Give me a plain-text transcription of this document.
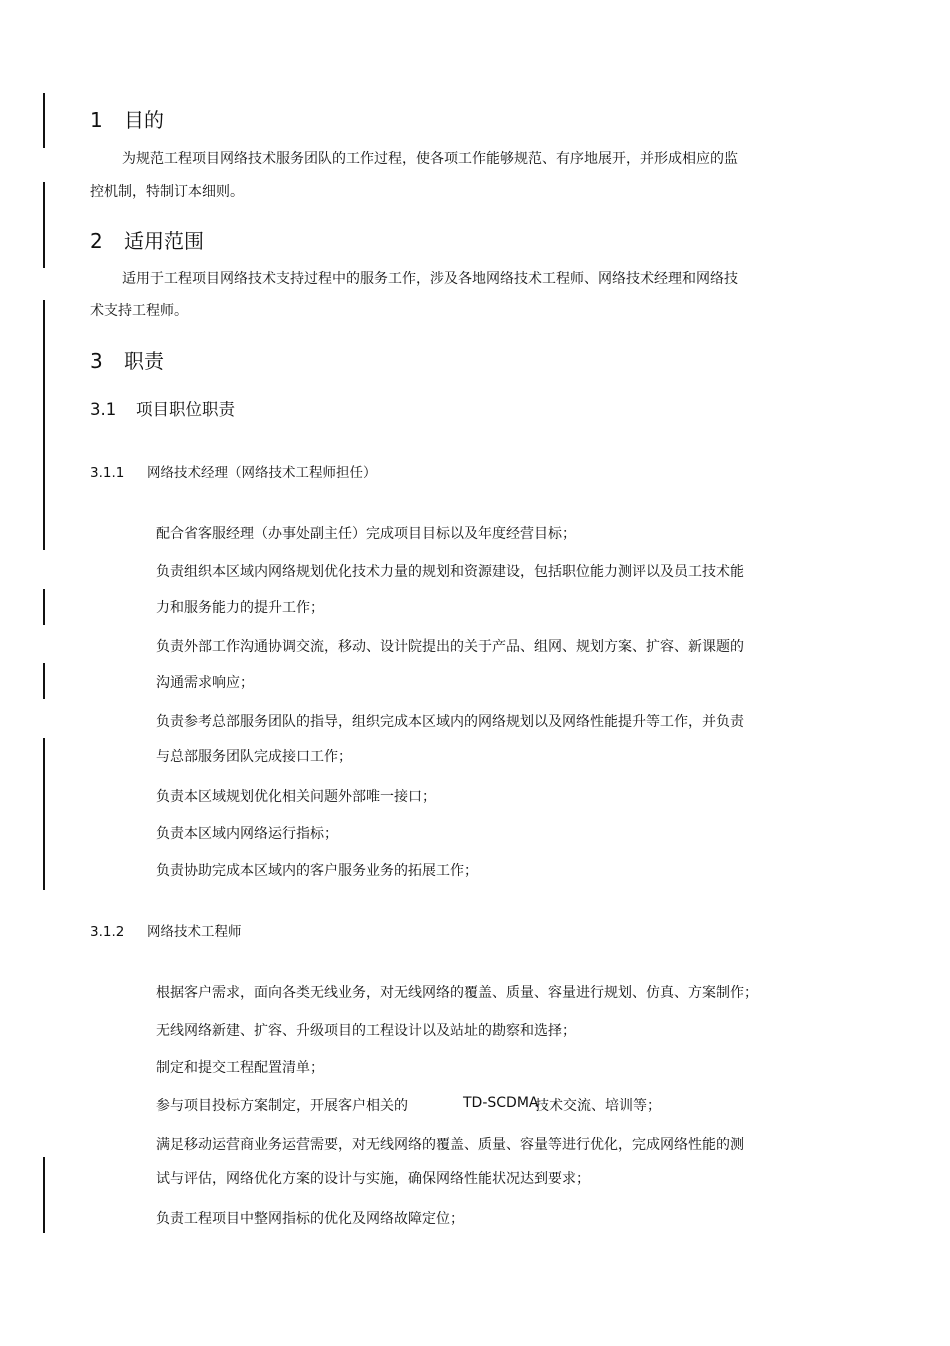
1 目的
为规范工程项目网络技术服务团队的工作过程，使各项工作能够规范、有序地展开，并形成相应的监
控机制，特制订本细则。
2 适用范围
适用于工程项目网络技术支持过程中的服务工作，涉及各地网络技术工程师、网络技术经理和网络技
术支持工程师。
3 职责
3.1 项目职位职责
3.1.1 网络技术经理（网络技术工程师担任）
配合省客服经理（办事处副主任）完成项目目标以及年度经营目标；
负责组织本区域内网络规划优化技术力量的规划和资源建设，包括职位能力测评以及员工技术能
力和服务能力的提升工作；
负责外部工作沟通协调交流，移动、设计院提出的关于产品、组网、规划方案、扩容、新课题的
沟通需求响应；
负责参考总部服务团队的指导，组织完成本区域内的网络规划以及网络性能提升等工作，并负责
与总部服务团队完成接口工作；
负责本区域规划优化相关问题外部唯一接口；
负责本区域内网络运行指标；
负责协助完成本区域内的客户服务业务的拓展工作；
3.1.2 网络技术工程师
根据客户需求，面向各类无线业务，对无线网络的覆盖、质量、容量进行规划、仿真、方案制作；
无线网络新建、扩容、升级项目的工程设计以及站址的勘察和选择；
制定和提交工程配置清单；
参与项目投标方案制定，开展客户相关的	TD-SCDMA
技术交流、培训等；
满足移动运营商业务运营需要，对无线网络的覆盖、质量、容量等进行优化，完成网络性能的测
试与评估，网络优化方案的设计与实施，确保网络性能状况达到要求；
负责工程项目中整网指标的优化及网络故障定位；
